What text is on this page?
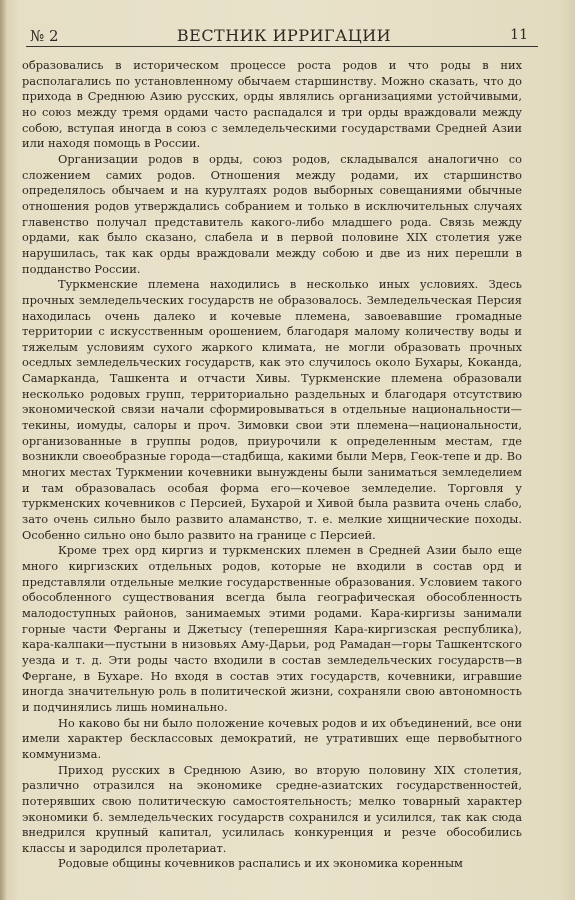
№ 2	ВЕСТНИК ИРРИГАЦИИ	11

образовались в историческом процессе роста родов и что роды в них располагались по установленному обычаем старшинству. Можно сказать, что до прихода в Среднюю Азию русских, орды являлись организациями устойчивыми, но союз между тремя ордами часто распадался и три орды враждовали между собою, вступая иногда в союз с земледельческими государствами Средней Азии или находя помощь в России.

Организации родов в орды, союз родов, складывался аналогично со сложением самих родов. Отношения между родами, их старшинство определялось обычаем и на курултаях родов выборных совещаниями обычные отношения родов утверждались собранием и только в исключительных случаях главенство получал представитель какого-либо младшего рода. Связь между ордами, как было сказано, слабела и в первой половине XIX столетия уже нарушилась, так как орды враждовали между собою и две из них перешли в подданство России.

Туркменские племена находились в несколько иных условиях. Здесь прочных земледельческих государств не образовалось. Земледельческая Персия находилась очень далеко и кочевые племена, завоевавшие громадные территории с искусственным орошением, благодаря малому количеству воды и тяжелым условиям сухого жаркого климата, не могли образовать прочных оседлых земледельческих государств, как это случилось около Бухары, Коканда, Самарканда, Ташкента и отчасти Хивы. Туркменские племена образовали несколько родовых групп, территориально раздельных и благодаря отсутствию экономической связи начали сформировываться в отдельные национальности—текины, иомуды, салоры и проч. Зимовки свои эти племена—национальности, организованные в группы родов, приурочили к определенным местам, где возникли своеобразные города—стадбища, какими были Мерв, Геок-тепе и др. Во многих местах Туркмении кочевники вынуждены были заниматься земледелием и там образовалась особая форма его—кочевое земледелие. Торговля у туркменских кочевников с Персией, Бухарой и Хивой была развита очень слабо, зато очень сильно было развито аламанство, т. е. мелкие хищнические походы. Особенно сильно оно было развито на границе с Персией.

Кроме трех орд киргиз и туркменских племен в Средней Азии было еще много киргизских отдельных родов, которые не входили в состав орд и представляли отдельные мелкие государственные образования. Условием такого обособленного существования всегда была географическая обособленность малодоступных районов, занимаемых этими родами. Кара-киргизы занимали горные части Ферганы и Джетысу (теперешняя Кара-киргизская республика), кара-калпаки—пустыни в низовьях Аму-Дарьи, род Рамадан—горы Ташкентского уезда и т. д. Эти роды часто входили в состав земледельческих государств—в Фергане, в Бухаре. Но входя в состав этих государств, кочевники, игравшие иногда значительную роль в политической жизни, сохраняли свою автономность и подчинялись лишь номинально.

Но каково бы ни было положение кочевых родов и их объединений, все они имели характер бесклассовых демократий, не утративших еще первобытного коммунизма.

Приход русских в Среднюю Азию, во вторую половину XIX столетия, различно отразился на экономике средне-азиатских государственностей, потерявших свою политическую самостоятельность; мелко товарный характер экономики б. земледельческих государств сохранился и усилился, так как сюда внедрился крупный капитал, усилилась конкуренция и резче обособились классы и зародился пролетариат.

Родовые общины кочевников распались и их экономика коренным
